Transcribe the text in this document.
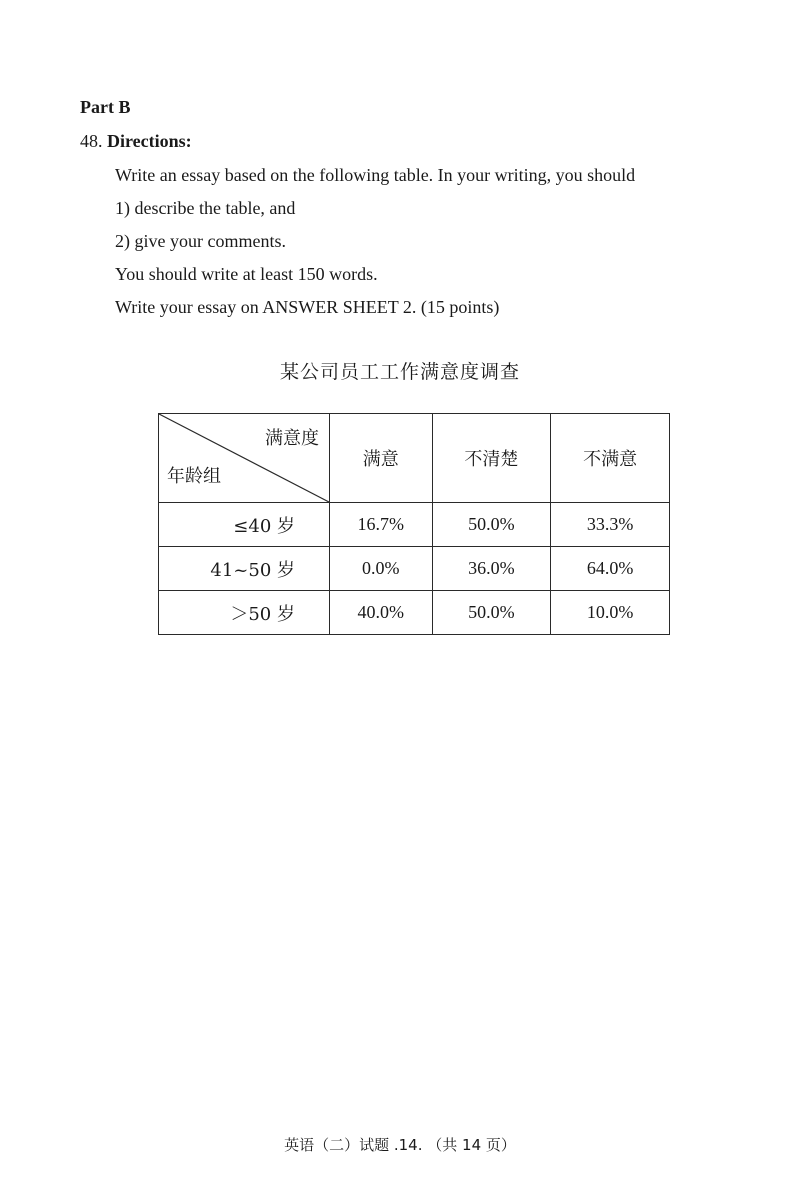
Part B
48. Directions:
Write an essay based on the following table. In your writing, you should
1) describe the table, and
2) give your comments.
You should write at least 150 words.
Write your essay on ANSWER SHEET 2. (15 points)
某公司员工工作满意度调查
满意度
年龄组	满意	不清楚	不满意
≤40 岁	16.7%	50.0%	33.3%
41~50 岁	0.0%	36.0%	64.0%
＞50 岁	40.0%	50.0%	10.0%
英语（二）试题 .14. （共 14 页）
